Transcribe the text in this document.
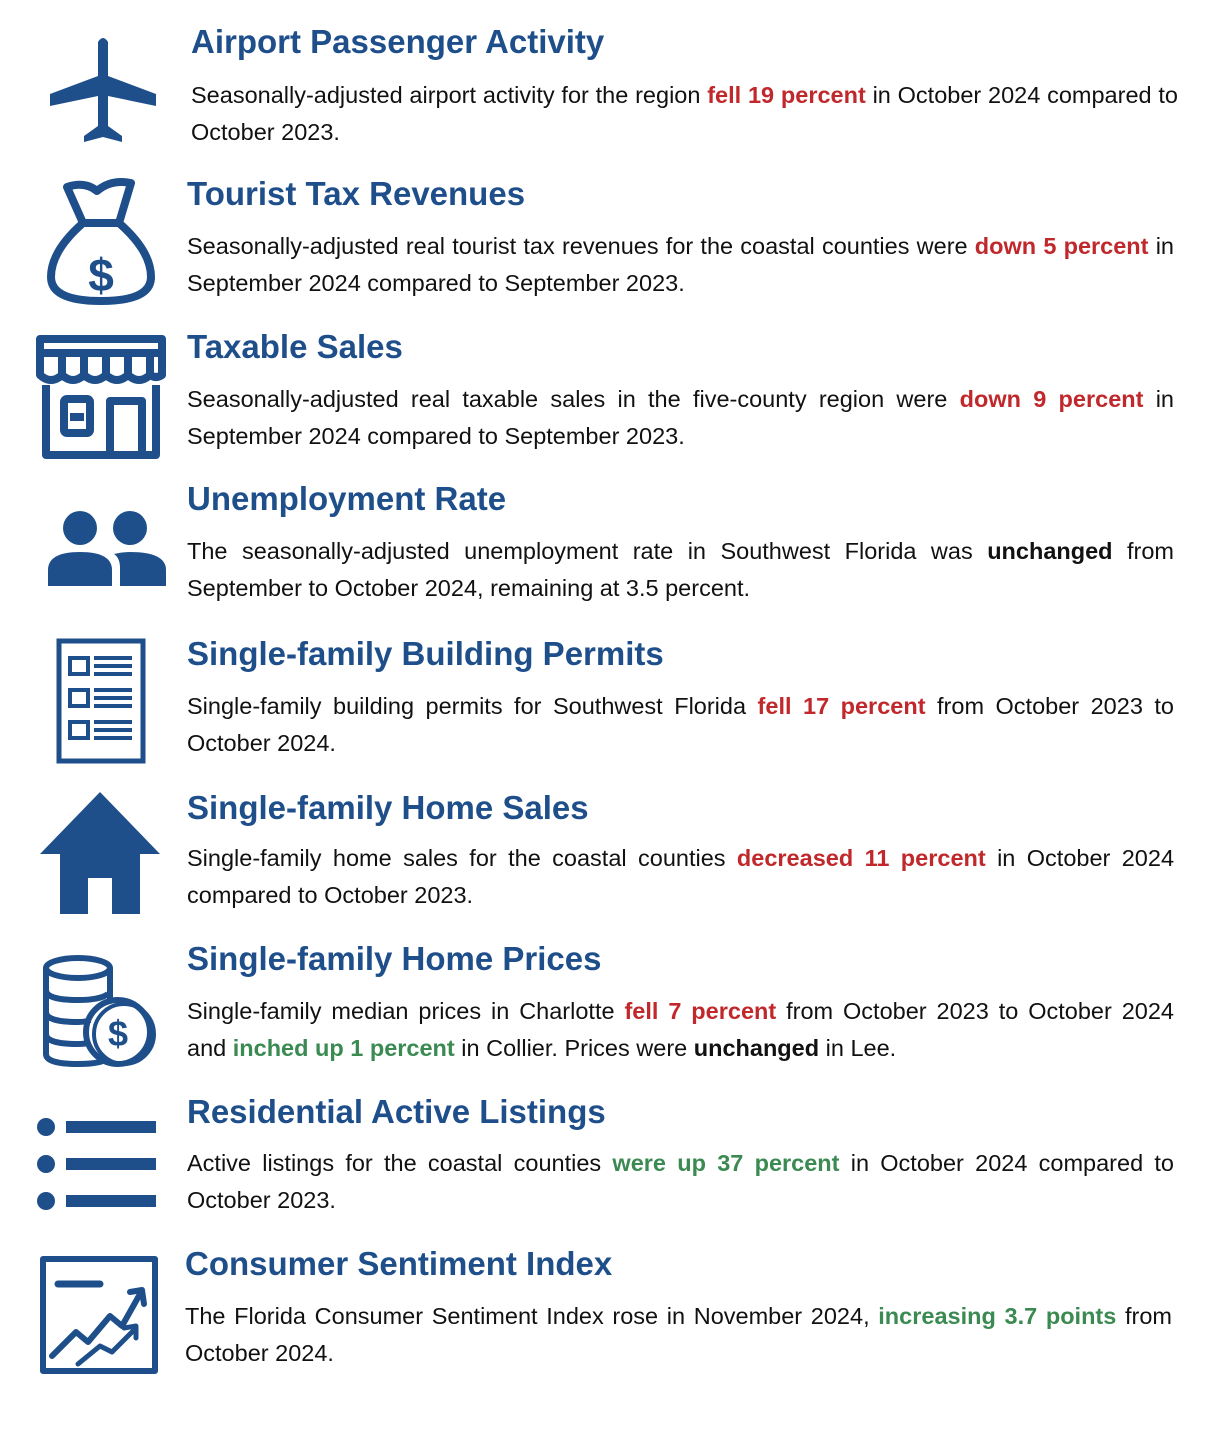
Airport Passenger Activity

Seasonally-adjusted airport activity for the region fell 19 percent in October 2024 compared to October 2023.

$
Tourist Tax Revenues

Seasonally-adjusted real tourist tax revenues for the coastal counties were down 5 percent in September 2024 compared to September 2023.

Taxable Sales

Seasonally-adjusted real taxable sales in the five-county region were down 9 percent in September 2024 compared to September 2023.

Unemployment Rate

The seasonally-adjusted unemployment rate in Southwest Florida was unchanged from September to October 2024, remaining at 3.5 percent.

Single-family Building Permits

Single-family building permits for Southwest Florida fell 17 percent from October 2023 to October 2024.

Single-family Home Sales

Single-family home sales for the coastal counties decreased 11 percent in October 2024 compared to October 2023.

$
Single-family Home Prices

Single-family median prices in Charlotte fell 7 percent from October 2023 to October 2024 and inched up 1 percent in Collier. Prices were unchanged in Lee.

Residential Active Listings

Active listings for the coastal counties were up 37 percent in October 2024 compared to October 2023.

Consumer Sentiment Index

The Florida Consumer Sentiment Index rose in November 2024, increasing 3.7 points from October 2024.
